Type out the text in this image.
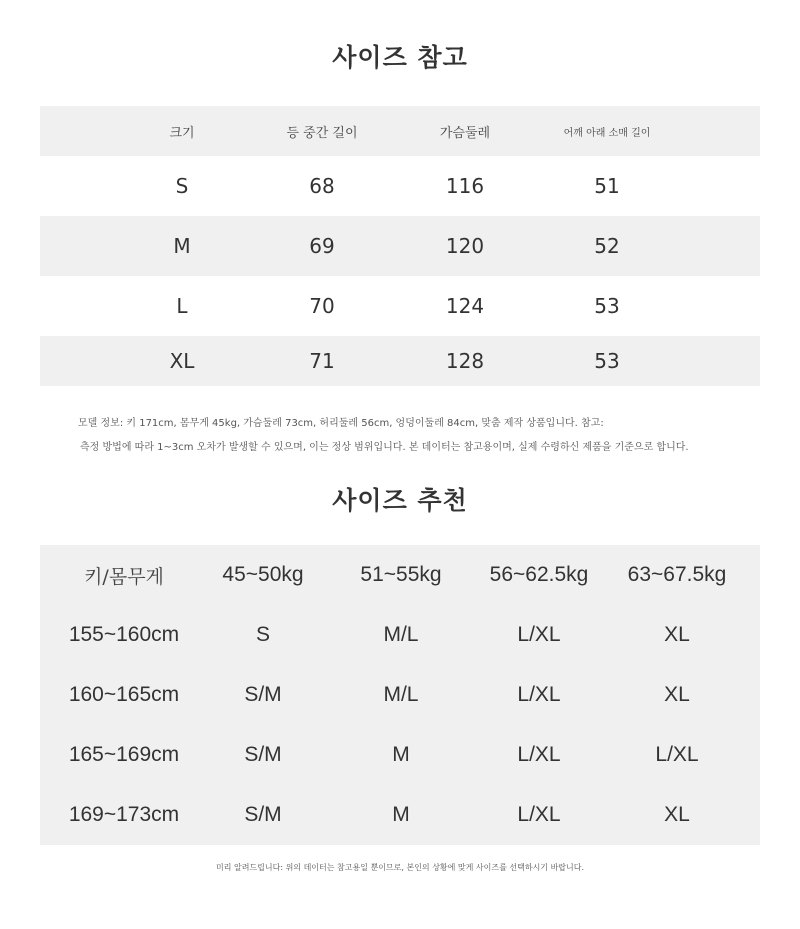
사이즈 참고
크기	등 중간 길이	가슴둘레	어깨 아래 소매 길이
S	68	116	51
M	69	120	52
L	70	124	53
XL	71	128	53
모델 정보: 키 171cm, 몸무게 45kg, 가슴둘레 73cm, 허리둘레 56cm, 엉덩이둘레 84cm, 맞춤 제작 상품입니다. 참고:
측정 방법에 따라 1~3cm 오차가 발생할 수 있으며, 이는 정상 범위입니다. 본 데이터는 참고용이며, 실제 수령하신 제품을 기준으로 합니다.
사이즈 추천
키/몸무게	45~50kg	51~55kg	56~62.5kg	63~67.5kg
155~160cm	S	M/L	L/XL	XL
160~165cm	S/M	M/L	L/XL	XL
165~169cm	S/M	M	L/XL	L/XL
169~173cm	S/M	M	L/XL	XL
미리 알려드립니다: 위의 데이터는 참고용일 뿐이므로, 본인의 상황에 맞게 사이즈를 선택하시기 바랍니다.
